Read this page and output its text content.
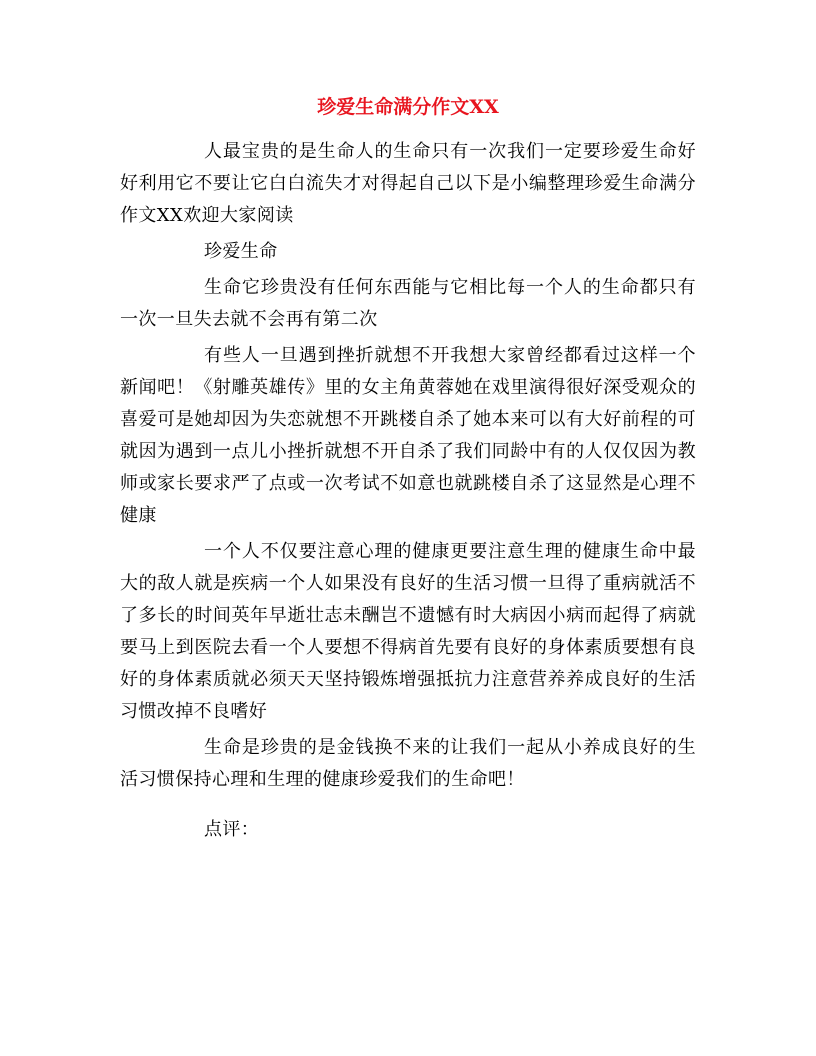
珍爱生命满分作文XX

人最宝贵的是生命人的生命只有一次我们一定要珍爱生命好好利用它不要让它白白流失才对得起自己以下是小编整理珍爱生命满分作文XX欢迎大家阅读

珍爱生命

生命它珍贵没有任何东西能与它相比每一个人的生命都只有一次一旦失去就不会再有第二次

有些人一旦遇到挫折就想不开我想大家曾经都看过这样一个新闻吧！《射雕英雄传》里的女主角黄蓉她在戏里演得很好深受观众的喜爱可是她却因为失恋就想不开跳楼自杀了她本来可以有大好前程的可就因为遇到一点儿小挫折就想不开自杀了我们同龄中有的人仅仅因为教师或家长要求严了点或一次考试不如意也就跳楼自杀了这显然是心理不健康

一个人不仅要注意心理的健康更要注意生理的健康生命中最大的敌人就是疾病一个人如果没有良好的生活习惯一旦得了重病就活不了多长的时间英年早逝壮志未酬岂不遗憾有时大病因小病而起得了病就要马上到医院去看一个人要想不得病首先要有良好的身体素质要想有良好的身体素质就必须天天坚持锻炼增强抵抗力注意营养养成良好的生活习惯改掉不良嗜好

生命是珍贵的是金钱换不来的让我们一起从小养成良好的生活习惯保持心理和生理的健康珍爱我们的生命吧！

点评：
